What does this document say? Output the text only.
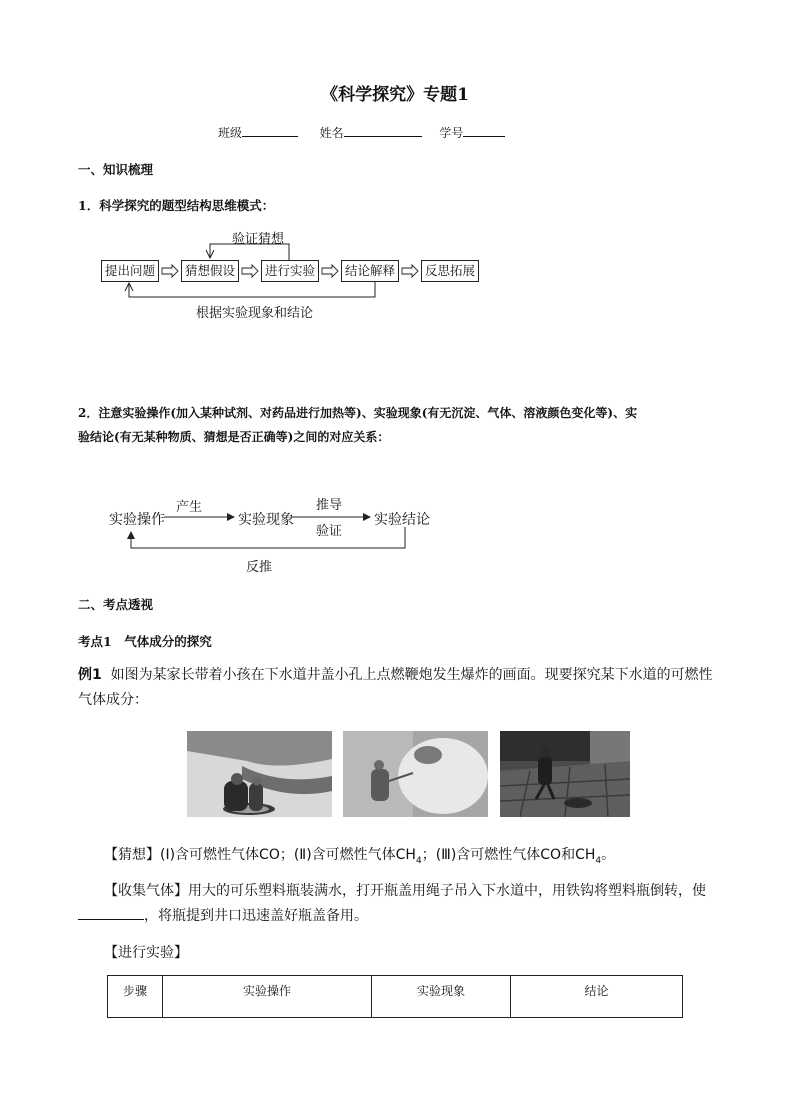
《科学探究》专题1
班级	姓名	学号
一、知识梳理
1．科学探究的题型结构思维模式：
提出问题	猜想假设	进行实验	结论解释	反思拓展
验证猜想
根据实验现象和结论
2．注意实验操作(加入某种试剂、对药品进行加热等)、实验现象(有无沉淀、气体、溶液颜色变化等)、实
验结论(有无某种物质、猜想是否正确等)之间的对应关系：
实验操作	实验现象	实验结论
产生	推导
验证
反推
二、考点透视
考点1　气体成分的探究
例1 如图为某家长带着小孩在下水道井盖小孔上点燃鞭炮发生爆炸的画面。现要探究某下水道的可燃性
气体成分：
【猜想】(Ⅰ)含可燃性气体CO；(Ⅱ)含可燃性气体$CH_4$；(Ⅲ)含可燃性气体CO和$CH_4$。
【收集气体】用大的可乐塑料瓶装满水，打开瓶盖用绳子吊入下水道中，用铁钩将塑料瓶倒转，使
，将瓶提到井口迅速盖好瓶盖备用。
【进行实验】
步骤	实验操作	实验现象	结论
